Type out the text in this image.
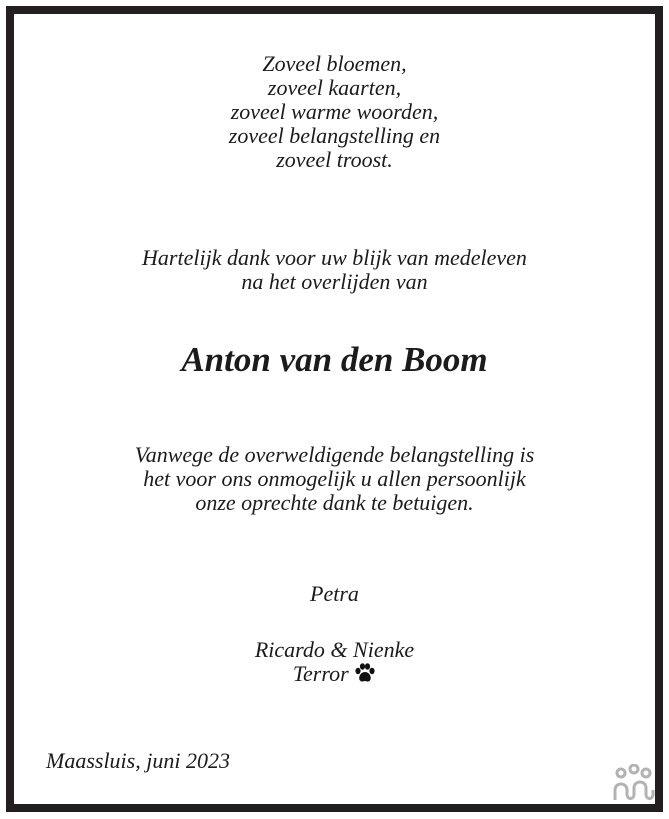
Zoveel bloemen,
zoveel kaarten,
zoveel warme woorden,
zoveel belangstelling en
zoveel troost.
Hartelijk dank voor uw blijk van medeleven
na het overlijden van
Anton van den Boom
Vanwege de overweldigende belangstelling is
het voor ons onmogelijk u allen persoonlijk
onze oprechte dank te betuigen.
Petra
Ricardo & Nienke
Terror
Maassluis, juni 2023
